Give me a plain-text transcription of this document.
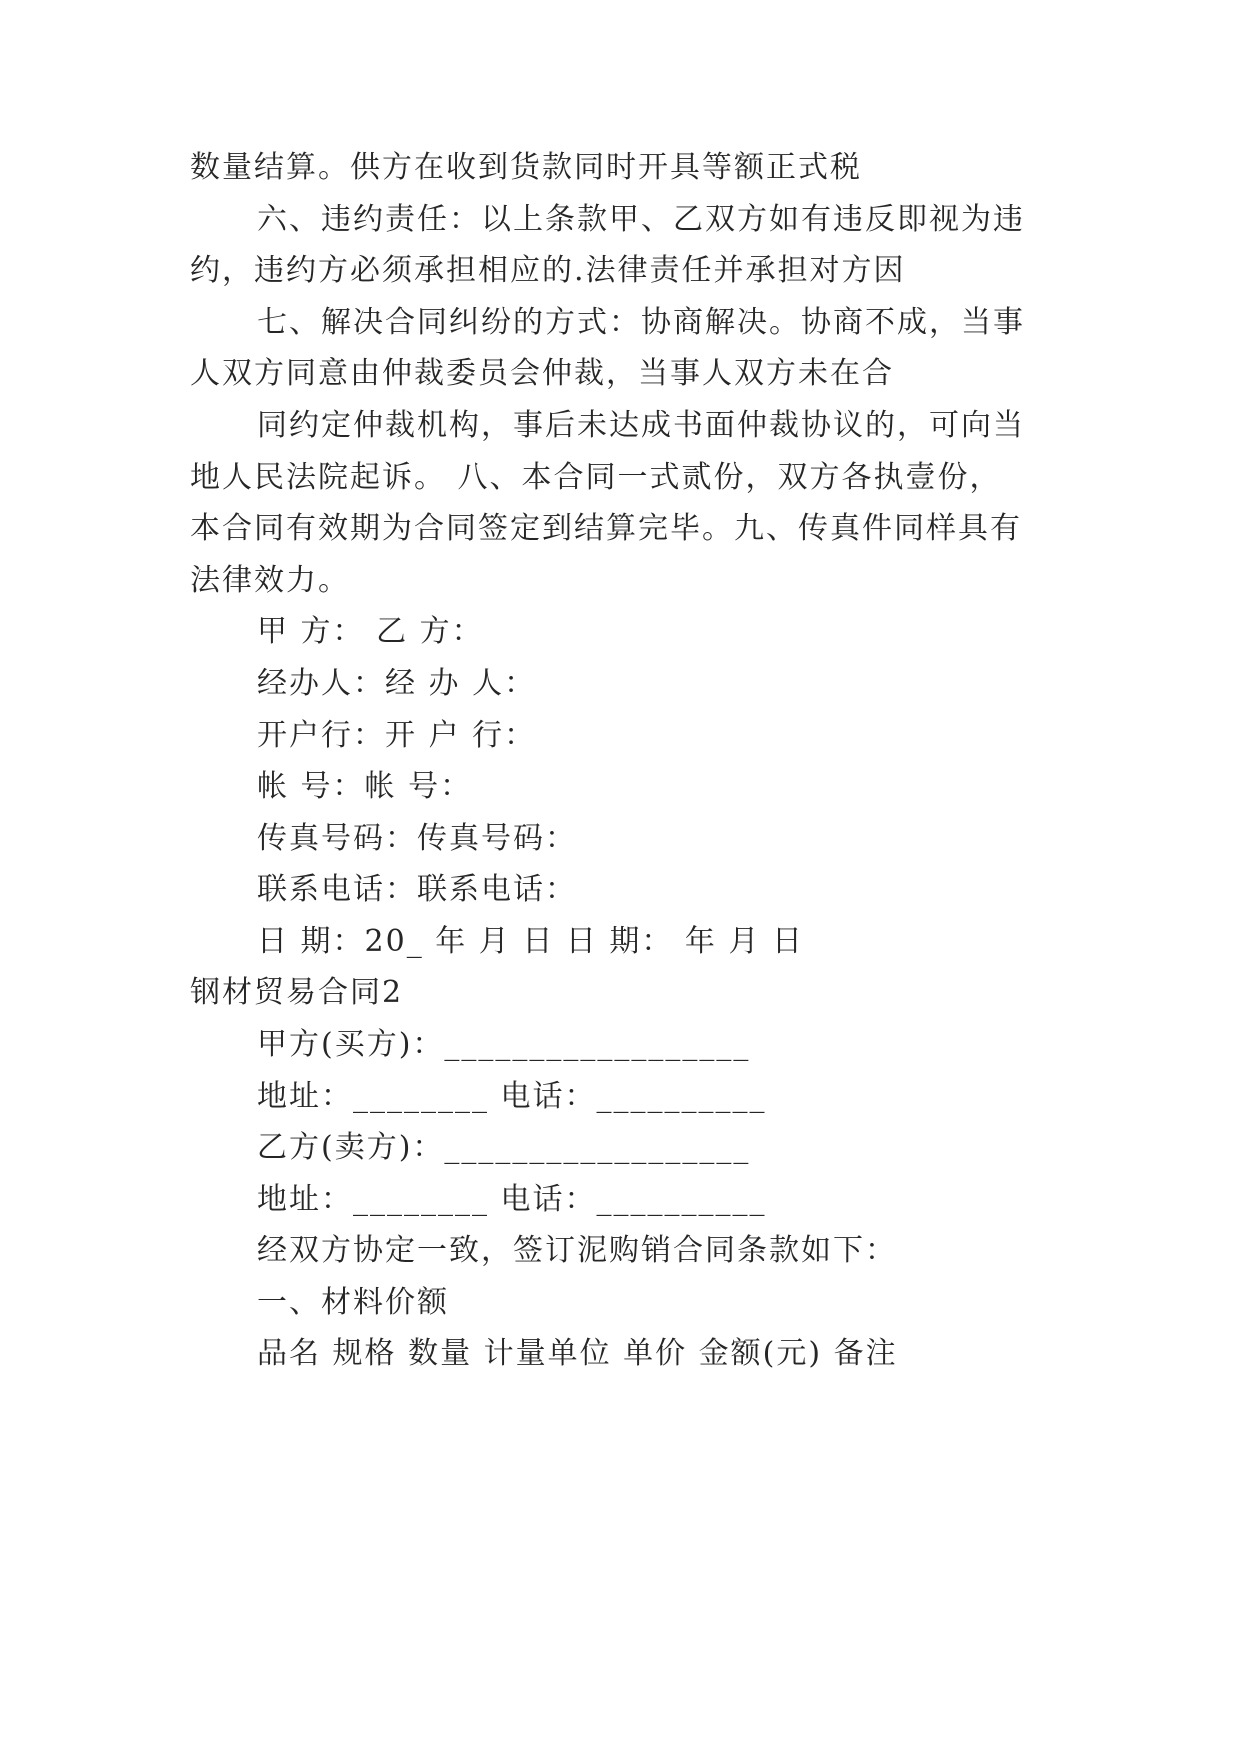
数量结算。供方在收到货款同时开具等额正式税
六、违约责任：以上条款甲、乙双方如有违反即视为违
约，违约方必须承担相应的.法律责任并承担对方因
七、解决合同纠纷的方式：协商解决。协商不成，当事
人双方同意由仲裁委员会仲裁，当事人双方未在合
同约定仲裁机构，事后未达成书面仲裁协议的，可向当
地人民法院起诉。 八、本合同一式贰份，双方各执壹份，
本合同有效期为合同签定到结算完毕。九、传真件同样具有
法律效力。
甲 方： 乙 方：
经办人：经 办 人：
开户行：开 户 行：
帐 号：帐 号：
传真号码：传真号码：
联系电话：联系电话：
日 期：20_ 年 月 日 日 期： 年 月 日
钢材贸易合同2
甲方(买方)：__________________
地址：________ 电话：__________
乙方(卖方)：__________________
地址：________ 电话：__________
经双方协定一致，签订泥购销合同条款如下：
一、材料价额
品名 规格 数量 计量单位 单价 金额(元) 备注
